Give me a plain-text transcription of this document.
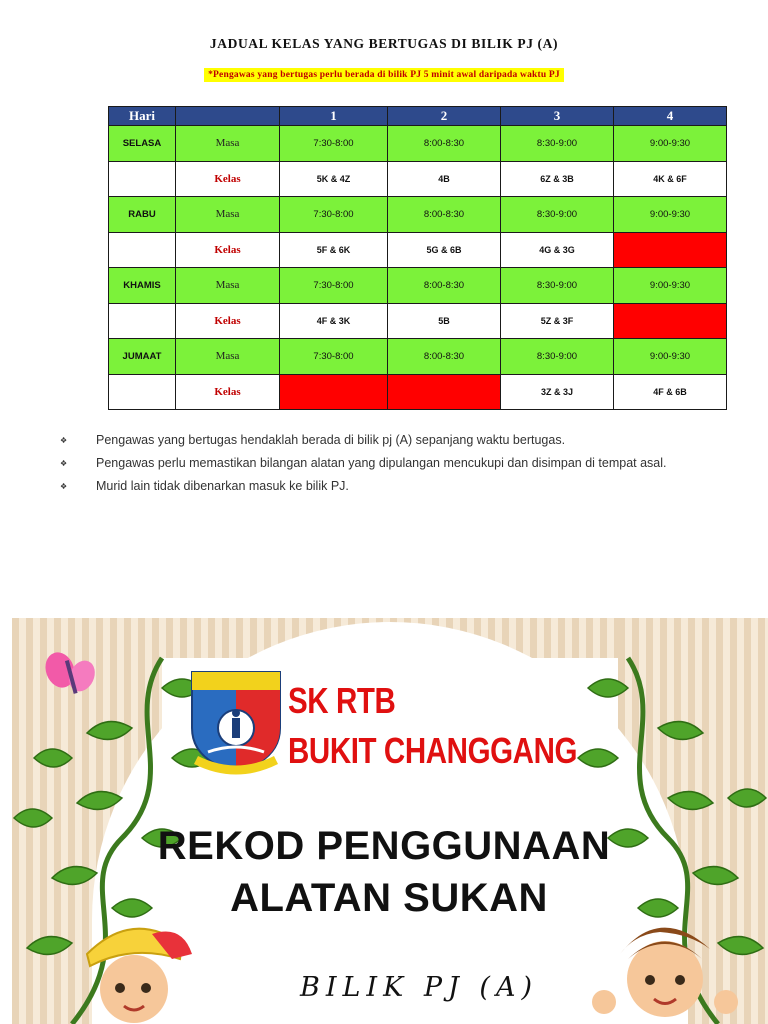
JADUAL KELAS YANG BERTUGAS DI BILIK PJ (A)
*Pengawas yang bertugas perlu berada di bilik PJ 5 minit awal daripada waktu PJ
Hari		1	2	3	4
SELASA	Masa	7:30-8:00	8:00-8:30	8:30-9:00	9:00-9:30
	Kelas	5K & 4Z	4B	6Z & 3B	4K & 6F
RABU	Masa	7:30-8:00	8:00-8:30	8:30-9:00	9:00-9:30
	Kelas	5F & 6K	5G & 6B	4G & 3G	
KHAMIS	Masa	7:30-8:00	8:00-8:30	8:30-9:00	9:00-9:30
	Kelas	4F & 3K	5B	5Z & 3F	
JUMAAT	Masa	7:30-8:00	8:00-8:30	8:30-9:00	9:00-9:30
	Kelas			3Z & 3J	4F & 6B
❖ Pengawas yang bertugas hendaklah berada di bilik pj (A) sepanjang waktu bertugas.
❖ Pengawas perlu memastikan bilangan alatan yang dipulangan mencukupi dan disimpan di tempat asal.
❖ Murid lain tidak dibenarkan masuk ke bilik PJ.
SK RTB
BUKIT CHANGGANG
REKOD PENGGUNAAN
ALATAN SUKAN
BILIK PJ (A)
